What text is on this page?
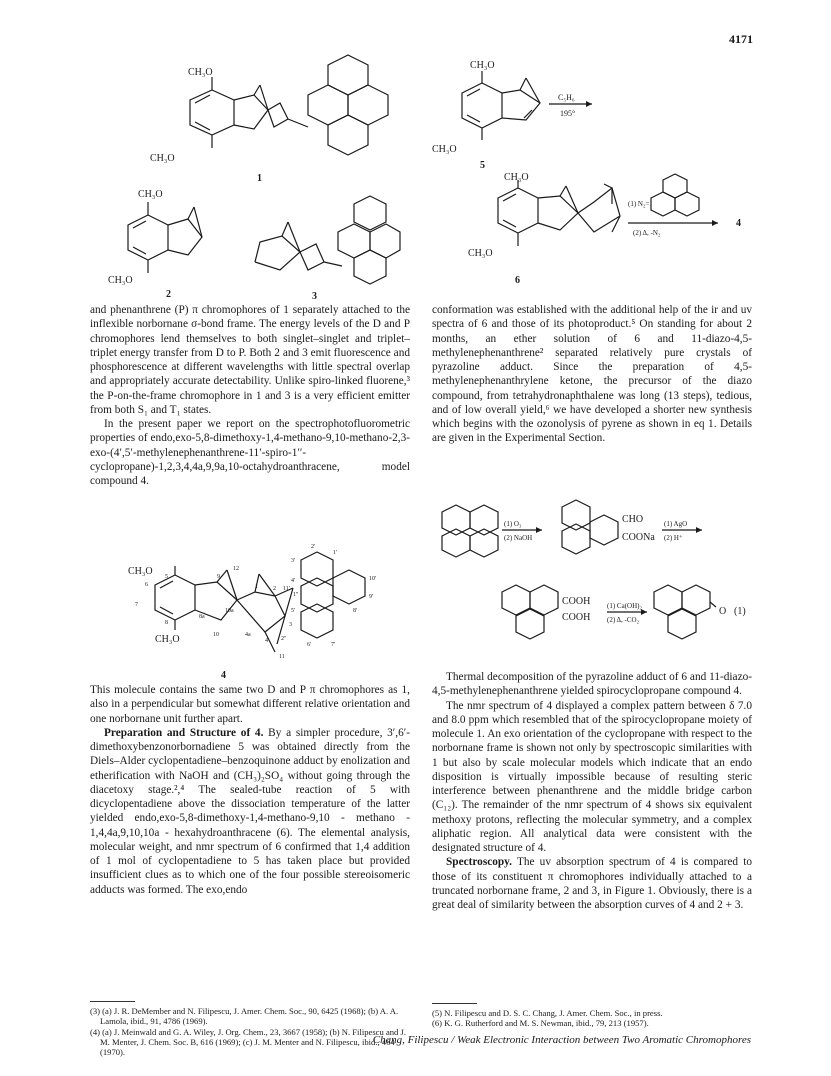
4171
CH₃O
CH₃O
1
CH₃O
CH₃O
2	3
CH₃O
CH₃O
C₅H₆
195°
5
CH₃O
CH₃O
(1) N₂=
(2) Δ, -N₂
4
6

and phenanthrene (P) π chromophores of 1 separately attached to the inflexible norbornane σ-bond frame. The energy levels of the D and P chromophores lend themselves to both singlet–singlet and triplet–triplet energy transfer from D to P. Both 2 and 3 emit fluorescence and phosphorescence at different wavelengths with little spectral overlap and appropriately accurate detectability. Unlike spiro-linked fluorene,³ the P-on-the-frame chromophore in 1 and 3 is a very efficient emitter from both S₁ and T₁ states.

In the present paper we report on the spectrophotofluorometric properties of endo,exo-5,8-dimethoxy-1,4-methano-9,10-methano-2,3-exo-(4′,5′-methylenephenanthrene-11′-spiro-1′′-cyclopropane)-1,2,3,4,4a,9,9a,10-octahydroanthracene, model compound 4.

CH₃O
CH₃O
2'
1'
3'
10'
4'
9'
5'	8'
6'	7'
12
9
10
1	2 11'
1''
2''
3
4
5
6
7
8
8a
4a
11
10a
4

This molecule contains the same two D and P π chromophores as 1, also in a perpendicular but somewhat different relative orientation and one norbornane unit further apart.

Preparation and Structure of 4. By a simpler procedure, 3′,6′-dimethoxybenzonorbornadiene 5 was obtained directly from the Diels–Alder cyclopentadiene–benzoquinone adduct by enolization and etherification with NaOH and (CH₃)₂SO₄ without going through the diacetoxy stage.²,⁴ The sealed-tube reaction of 5 with dicyclopentadiene above the dissociation temperature of the latter yielded endo,exo-5,8-dimethoxy-1,4-methano-9,10 - methano - 1,4,4a,9,10,10a - hexahydroanthracene (6). The elemental analysis, molecular weight, and nmr spectrum of 6 confirmed that 1,4 addition of 1 mol of cyclopentadiene to 5 has taken place but provided insufficient clues as to which one of the four possible stereoisomeric adducts was formed. The exo,endo

(3) (a) J. R. DeMember and N. Filipescu, J. Amer. Chem. Soc., 90, 6425 (1968); (b) A. A. Lamola, ibid., 91, 4786 (1969).

(4) (a) J. Meinwald and G. A. Wiley, J. Org. Chem., 23, 3667 (1958); (b) N. Filipescu and J. M. Menter, J. Chem. Soc. B, 616 (1969); (c) J. M. Menter and N. Filipescu, ibid., 464 (1970).

conformation was established with the additional help of the ir and uv spectra of 6 and those of its photoproduct.⁵ On standing for about 2 months, an ether solution of 6 and 11-diazo-4,5-methylenephenanthrene² separated relatively pure crystals of pyrazoline adduct. Since the preparation of 4,5-methylenephenanthrylene ketone, the precursor of the diazo compound, from tetrahydronaphthalene was long (13 steps), tedious, and of low overall yield,⁶ we have developed a shorter new synthesis which begins with the ozonolysis of pyrene as shown in eq 1. Details are given in the Experimental Section.

CHO
COONa
(1) O₃
(2) NaOH
(1) AgO
(2) H⁺
COOH
COOH
(1) Ca(OH)₂
(2) Δ, -CO₂
O (1)

Thermal decomposition of the pyrazoline adduct of 6 and 11-diazo-4,5-methylenephenanthrene yielded spirocyclopropane compound 4.

The nmr spectrum of 4 displayed a complex pattern between δ 7.0 and 8.0 ppm which resembled that of the spirocyclopropane moiety of molecule 1. An exo orientation of the cyclopropane with respect to the norbornane frame is shown not only by spectroscopic similarities with 1 but also by scale molecular models which indicate that an endo disposition is virtually impossible because of resulting steric interference between phenanthrene and the middle bridge carbon (C₁₂). The remainder of the nmr spectrum of 4 shows six equivalent methoxy protons, reflecting the molecular symmetry, and a complex aliphatic region. All analytical data were consistent with the designated structure of 4.

Spectroscopy. The uv absorption spectrum of 4 is compared to those of its constituent π chromophores individually attached to a truncated norbornane frame, 2 and 3, in Figure 1. Obviously, there is a great deal of similarity between the absorption curves of 4 and 2 + 3.

(5) N. Filipescu and D. S. C. Chang, J. Amer. Chem. Soc., in press.

(6) K. G. Rutherford and M. S. Newman, ibid., 79, 213 (1957).

Chang, Filipescu / Weak Electronic Interaction between Two Aromatic Chromophores
